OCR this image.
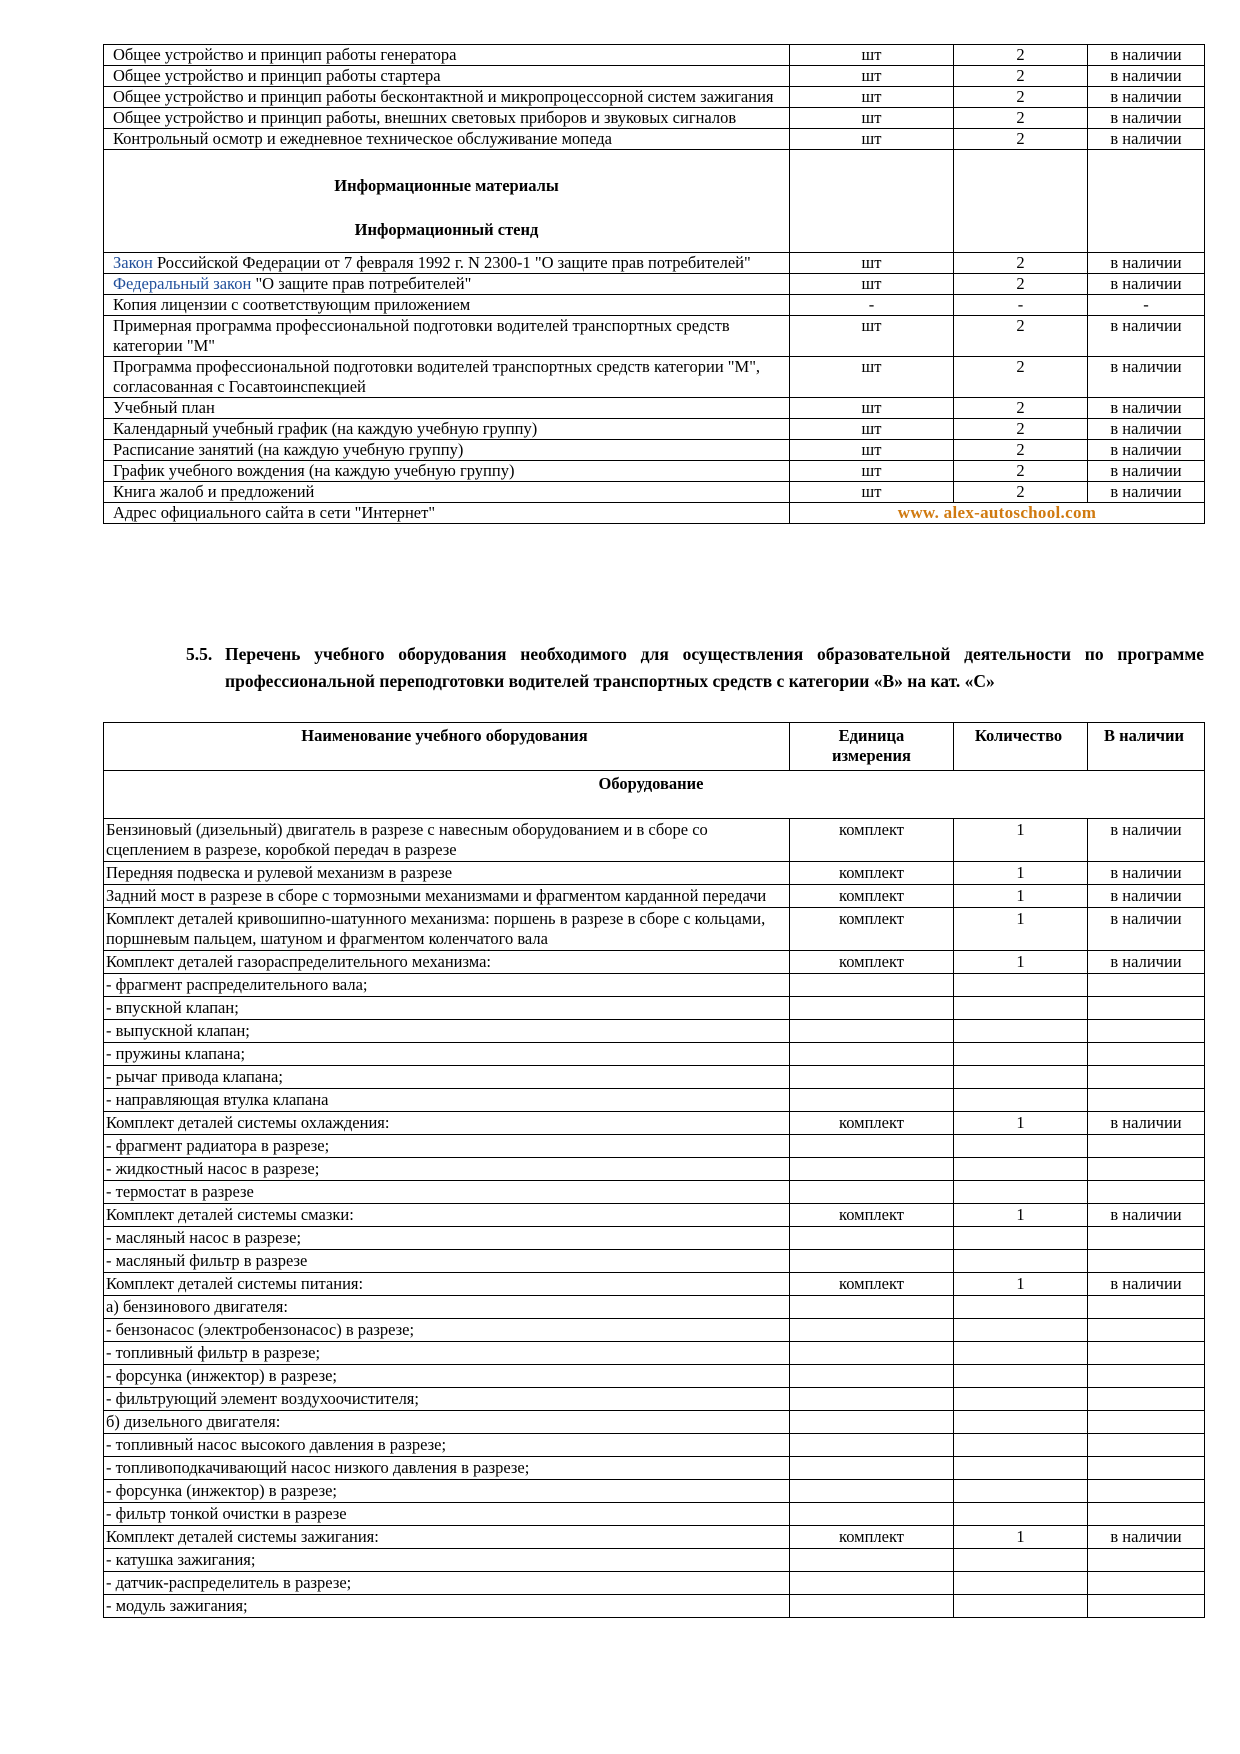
Общее устройство и принцип работы генератора	шт	2	в наличии
Общее устройство и принцип работы стартера	шт	2	в наличии
Общее устройство и принцип работы бесконтактной и микропроцессорной систем зажигания	шт	2	в наличии
Общее устройство и принцип работы, внешних световых приборов и звуковых сигналов	шт	2	в наличии
Контрольный осмотр и ежедневное техническое обслуживание мопеда	шт	2	в наличии

Информационные материалы
Информационный стенд			

Закон Российской Федерации от 7 февраля 1992 г. N 2300-1 "О защите прав потребителей"	шт	2	в наличии
Федеральный закон "О защите прав потребителей"	шт	2	в наличии
Копия лицензии с соответствующим приложением	-	-	-
Примерная программа профессиональной подготовки водителей транспортных средств категории "М"	шт	2	в наличии
Программа профессиональной подготовки водителей транспортных средств категории "М", согласованная с Госавтоинспекцией	шт	2	в наличии
Учебный план	шт	2	в наличии
Календарный учебный график (на каждую учебную группу)	шт	2	в наличии
Расписание занятий (на каждую учебную группу)	шт	2	в наличии
График учебного вождения (на каждую учебную группу)	шт	2	в наличии
Книга жалоб и предложений	шт	2	в наличии
Адрес официального сайта в сети "Интернет"	www. alex-autoschool.com		
5.5. Перечень учебного оборудования необходимого для осуществления образовательной деятельности по программе профессиональной переподготовки водителей транспортных средств с категории «В» на кат. «С»
Наименование учебного оборудования	Единица измерения	Количество	В наличии
Оборудование			
Бензиновый (дизельный) двигатель в разрезе с навесным оборудованием и в сборе со сцеплением в разрезе, коробкой передач в разрезе	комплект	1	в наличии
Передняя подвеска и рулевой механизм в разрезе	комплект	1	в наличии
Задний мост в разрезе в сборе с тормозными механизмами и фрагментом карданной передачи	комплект	1	в наличии
Комплект деталей кривошипно-шатунного механизма: поршень в разрезе в сборе с кольцами, поршневым пальцем, шатуном и фрагментом коленчатого вала	комплект	1	в наличии
Комплект деталей газораспределительного механизма:	комплект	1	в наличии
- фрагмент распределительного вала;			
- впускной клапан;			
- выпускной клапан;			
- пружины клапана;			
- рычаг привода клапана;			
- направляющая втулка клапана			
Комплект деталей системы охлаждения:	комплект	1	в наличии
- фрагмент радиатора в разрезе;			
- жидкостный насос в разрезе;			
- термостат в разрезе			
Комплект деталей системы смазки:	комплект	1	в наличии
- масляный насос в разрезе;			
- масляный фильтр в разрезе			
Комплект деталей системы питания:	комплект	1	в наличии
а) бензинового двигателя:			
- бензонасос (электробензонасос) в разрезе;			
- топливный фильтр в разрезе;			
- форсунка (инжектор) в разрезе;			
- фильтрующий элемент воздухоочистителя;			
б) дизельного двигателя:			
- топливный насос высокого давления в разрезе;			
- топливоподкачивающий насос низкого давления в разрезе;			
- форсунка (инжектор) в разрезе;			
- фильтр тонкой очистки в разрезе			
Комплект деталей системы зажигания:	комплект	1	в наличии
- катушка зажигания;			
- датчик-распределитель в разрезе;			
- модуль зажигания;			
